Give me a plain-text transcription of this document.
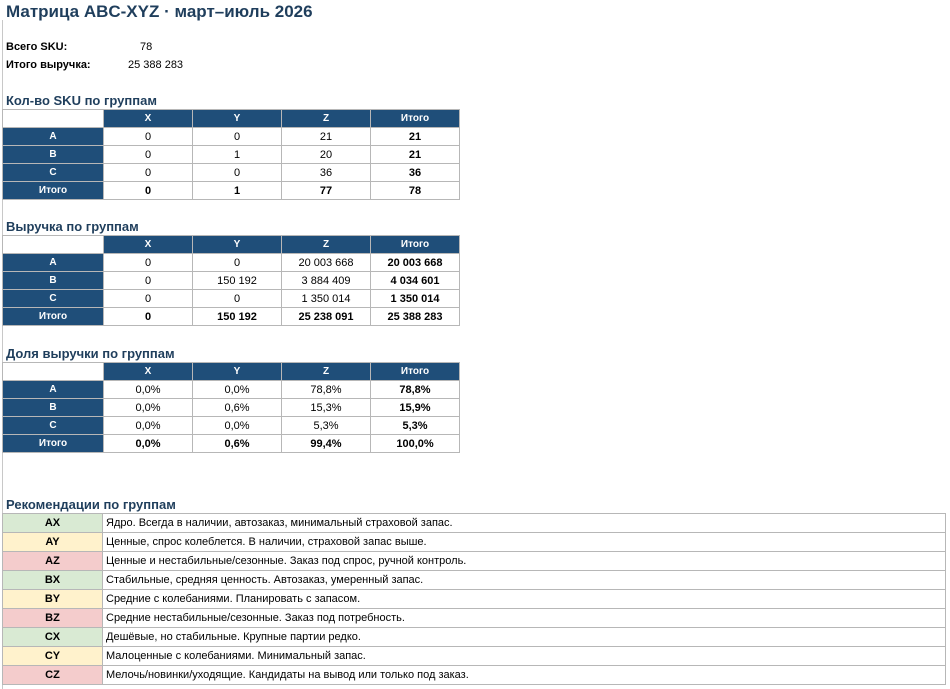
Матрица ABC-XYZ · март–июль 2026
Всего SKU:	78
Итого выручка:	25 388 283
Кол-во SKU по группам
	X	Y	Z	Итого
A	0	0	21	21
B	0	1	20	21
C	0	0	36	36
Итого	0	1	77	78
Выручка по группам
	X	Y	Z	Итого
A	0	0	20 003 668	20 003 668
B	0	150 192	3 884 409	4 034 601
C	0	0	1 350 014	1 350 014
Итого	0	150 192	25 238 091	25 388 283
Доля выручки по группам
	X	Y	Z	Итого
A	0,0%	0,0%	78,8%	78,8%
B	0,0%	0,6%	15,3%	15,9%
C	0,0%	0,0%	5,3%	5,3%
Итого	0,0%	0,6%	99,4%	100,0%
Рекомендации по группам
AX	Ядро. Всегда в наличии, автозаказ, минимальный страховой запас.
AY	Ценные, спрос колеблется. В наличии, страховой запас выше.
AZ	Ценные и нестабильные/сезонные. Заказ под спрос, ручной контроль.
BX	Стабильные, средняя ценность. Автозаказ, умеренный запас.
BY	Средние с колебаниями. Планировать с запасом.
BZ	Средние нестабильные/сезонные. Заказ под потребность.
CX	Дешёвые, но стабильные. Крупные партии редко.
CY	Малоценные с колебаниями. Минимальный запас.
CZ	Мелочь/новинки/уходящие. Кандидаты на вывод или только под заказ.
